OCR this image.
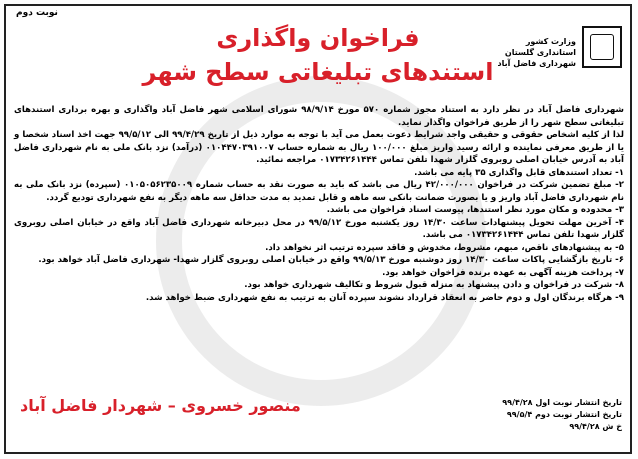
نوبت دوم
وزارت کشور
استانداری گلستان
شهرداری فاضل آباد
فراخوان واگذاری
استندهای تبلیغاتی سطح شهر

شهرداری فاضل آباد در نظر دارد به استناد مجوز شماره ۵۷۰ مورخ ۹۸/۹/۱۴ شورای اسلامی شهر فاضل آباد واگذاری و بهره برداری استندهای تبلیغاتی سطح شهر را از طریق فراخوان واگذار نماید.

لذا از کلیه اشخاص حقوقی و حقیقی واجد شرایط دعوت بعمل می آید با توجه به موارد ذیل از تاریخ ۹۹/۴/۲۹ الی ۹۹/۵/۱۲ جهت اخذ اسناد شخصا و یا از طریق معرفی نماینده و ارائه رسید واریز مبلغ ۱۰۰/۰۰۰ ریال به شماره حساب ۰۱۰۴۴۷۰۳۹۱۰۰۷ (درآمد) نزد بانک ملی به نام شهرداری فاضل آباد به آدرس خیابان اصلی روبروی گلزار شهدا تلفن تماس ۰۱۷۳۴۲۶۱۴۴۴ مراجعه نمائید.

۱- تعداد استندهای قابل واگذاری ۳۵ پایه می باشد.

۲- مبلغ تضمین شرکت در فراخوان ۴۲/۰۰۰/۰۰۰ ریال می باشد که باید به صورت نقد به حساب شماره ۰۱۰۵۰۵۶۲۳۵۰۰۹ (سپرده) نزد بانک ملی به نام شهرداری فاضل آباد واریز و یا بصورت ضمانت بانکی سه ماهه و قابل تمدید به مدت حداقل سه ماهه دیگر به نفع شهرداری تودیع گردد.

۳- محدوده و مکان مورد نظر استندها، پیوست اسناد فراخوان می باشد.

۴- آخرین مهلت تحویل پیشنهادات ساعت ۱۴/۳۰ روز یکشنبه مورخ ۹۹/۵/۱۲ در محل دبیرخانه شهرداری فاضل آباد واقع در خیابان اصلی روبروی گلزار شهدا تلفن تماس ۰۱۷۳۴۲۶۱۴۴۴ می باشد.

۵- به پیشنهادهای ناقص، مبهم، مشروط، مخدوش و فاقد سپرده ترتیب اثر نخواهد داد.

۶- تاریخ بازگشایی پاکات ساعت ۱۴/۳۰ روز دوشنبه مورخ ۹۹/۵/۱۳ واقع در خیابان اصلی روبروی گلزار شهدا- شهرداری فاضل آباد خواهد بود.

۷- پرداخت هزینه آگهی به عهده برنده فراخوان خواهد بود.

۸- شرکت در فراخوان و دادن پیشنهاد به منزله قبول شروط و تکالیف شهرداری خواهد بود.

۹- هرگاه برندگان اول و دوم حاضر به انعقاد قرارداد نشوند سپرده آنان به ترتیب به نفع شهرداری ضبط خواهد شد.

تاریخ انتشار نوبت اول ۹۹/۴/۲۸
تاریخ انتشار نوبت دوم ۹۹/۵/۴
خ ش ۹۹/۴/۲۸
منصور خسروی – شهردار فاضل آباد
